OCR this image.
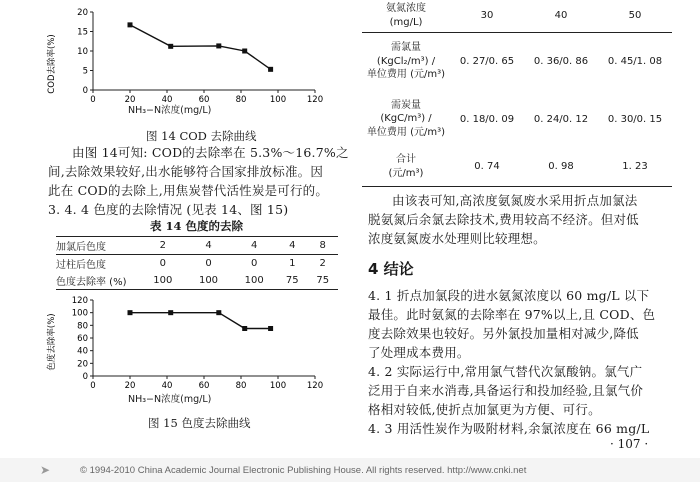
COD去除率(%)	0
5
10
15
20
0	20	40	60	80	100 120
NH₃−N浓度(mg/L)
图 14 COD 去除曲线
由图 14可知: COD的去除率在 5.3%～16.7%之
间,去除效果较好,出水能够符合国家排放标准。因
此在 COD的去除上,用焦炭替代活性炭是可行的。
3. 4. 4 色度的去除情况 (见表 14、图 15)
表 14 色度的去除
加氯后色度	2	4	4	4	8
过柱后色度	0	0	0	1	2
色度去除率 (%)	100	100	100	75	75
色度去除率(%)
0
20
40
60
80
100
120
0	20	40	60	80	100 120
NH₃−N浓度(mg/L)
图 15 色度去除曲线
氨氮浓度
(mg/L)	30	40	50

需氯量
(KgCl₂/m³) /
单位费用 (元/m³)	0. 27/0. 65	0. 36/0. 86	0. 45/1. 08

需炭量
(KgC/m³) /
单位费用 (元/m³)	0. 18/0. 09	0. 24/0. 12	0. 30/0. 15

合计
(元/m³)	0. 74	0. 98	1. 23
由该表可知,高浓度氨氮废水采用折点加氯法
脱氨氮后余氯去除技术,费用较高不经济。但对低
浓度氨氮废水处理则比较理想。
4 结论
4. 1 折点加氯段的进水氨氮浓度以 60 mg/L 以下
最佳。此时氨氮的去除率在 97%以上,且 COD、色
度去除效果也较好。另外氯投加量相对减少,降低
了处理成本费用。
4. 2 实际运行中,常用氯气替代次氯酸钠。氯气广
泛用于自来水消毒,具备运行和投加经验,且氯气价
格相对较低,使折点加氯更为方便、可行。
4. 3 用活性炭作为吸附材料,余氯浓度在 66 mg/L
· 107 ·
➤	© 1994-2010 China Academic Journal Electronic Publishing House. All rights reserved. http://www.cnki.net
